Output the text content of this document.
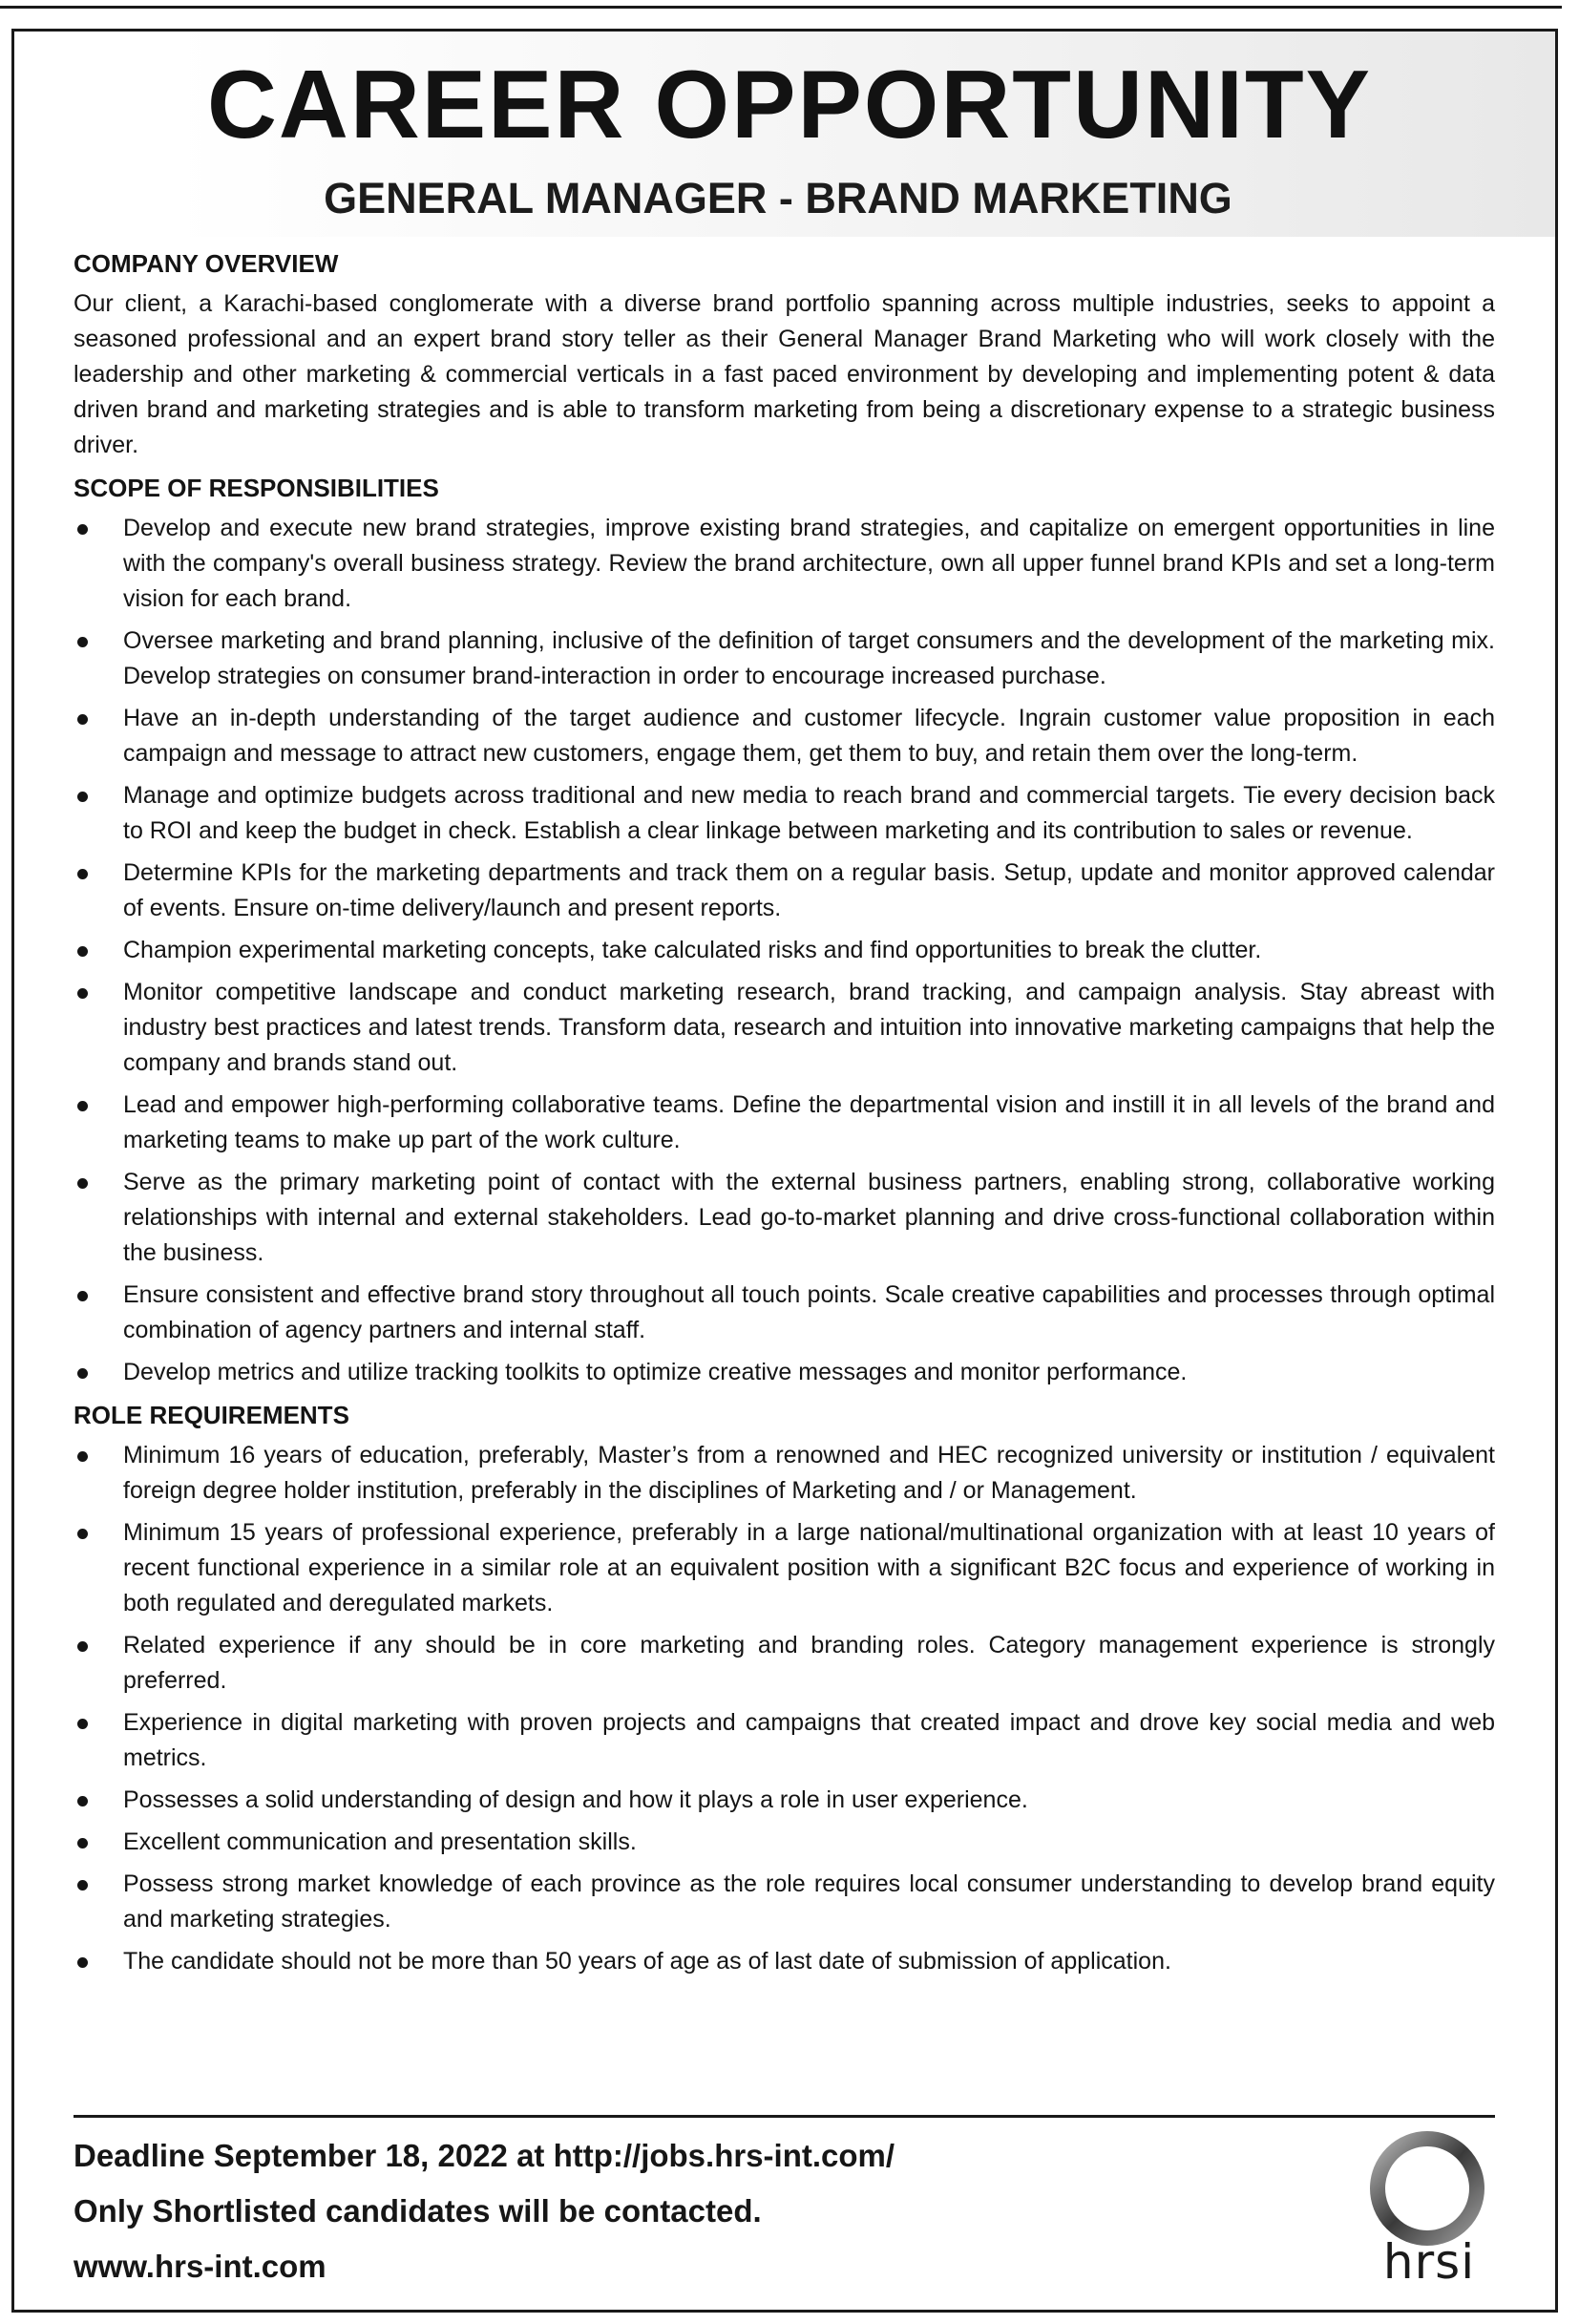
CAREER OPPORTUNITY
GENERAL MANAGER - BRAND MARKETING
COMPANY OVERVIEW
Our client, a Karachi-based conglomerate with a diverse brand portfolio spanning across multiple industries, seeks to appoint a seasoned professional and an expert brand story teller as their General Manager Brand Marketing who will work closely with the leadership and other marketing & commercial verticals in a fast paced environment by developing and implementing potent & data driven brand and marketing strategies and is able to transform marketing from being a discretionary expense to a strategic business driver.
SCOPE OF RESPONSIBILITIES
Develop and execute new brand strategies, improve existing brand strategies, and capitalize on emergent opportunities in line with the company's overall business strategy. Review the brand architecture, own all upper funnel brand KPIs and set a long-term vision for each brand.
Oversee marketing and brand planning, inclusive of the definition of target consumers and the development of the marketing mix. Develop strategies on consumer brand-interaction in order to encourage increased purchase.
Have an in-depth understanding of the target audience and customer lifecycle. Ingrain customer value proposition in each campaign and message to attract new customers, engage them, get them to buy, and retain them over the long-term.
Manage and optimize budgets across traditional and new media to reach brand and commercial targets. Tie every decision back to ROI and keep the budget in check. Establish a clear linkage between marketing and its contribution to sales or revenue.
Determine KPIs for the marketing departments and track them on a regular basis. Setup, update and monitor approved calendar of events. Ensure on-time delivery/launch and present reports.
Champion experimental marketing concepts, take calculated risks and find opportunities to break the clutter.
Monitor competitive landscape and conduct marketing research, brand tracking, and campaign analysis. Stay abreast with industry best practices and latest trends. Transform data, research and intuition into innovative marketing campaigns that help the company and brands stand out.
Lead and empower high-performing collaborative teams. Define the departmental vision and instill it in all levels of the brand and marketing teams to make up part of the work culture.
Serve as the primary marketing point of contact with the external business partners, enabling strong, collaborative working relationships with internal and external stakeholders. Lead go-to-market planning and drive cross-functional collaboration within the business.
Ensure consistent and effective brand story throughout all touch points. Scale creative capabilities and processes through optimal combination of agency partners and internal staff.
Develop metrics and utilize tracking toolkits to optimize creative messages and monitor performance.
ROLE REQUIREMENTS
Minimum 16 years of education, preferably, Master’s from a renowned and HEC recognized university or institution / equivalent foreign degree holder institution, preferably in the disciplines of Marketing and / or Management.
Minimum 15 years of professional experience, preferably in a large national/multinational organization with at least 10 years of recent functional experience in a similar role at an equivalent position with a significant B2C focus and experience of working in both regulated and deregulated markets.
Related experience if any should be in core marketing and branding roles. Category management experience is strongly preferred.
Experience in digital marketing with proven projects and campaigns that created impact and drove key social media and web metrics.
Possesses a solid understanding of design and how it plays a role in user experience.
Excellent communication and presentation skills.
Possess strong market knowledge of each province as the role requires local consumer understanding to develop brand equity and marketing strategies.
The candidate should not be more than 50 years of age as of last date of submission of application.
Deadline September 18, 2022 at http://jobs.hrs-int.com/
Only Shortlisted candidates will be contacted.
www.hrs-int.com	hrsi
